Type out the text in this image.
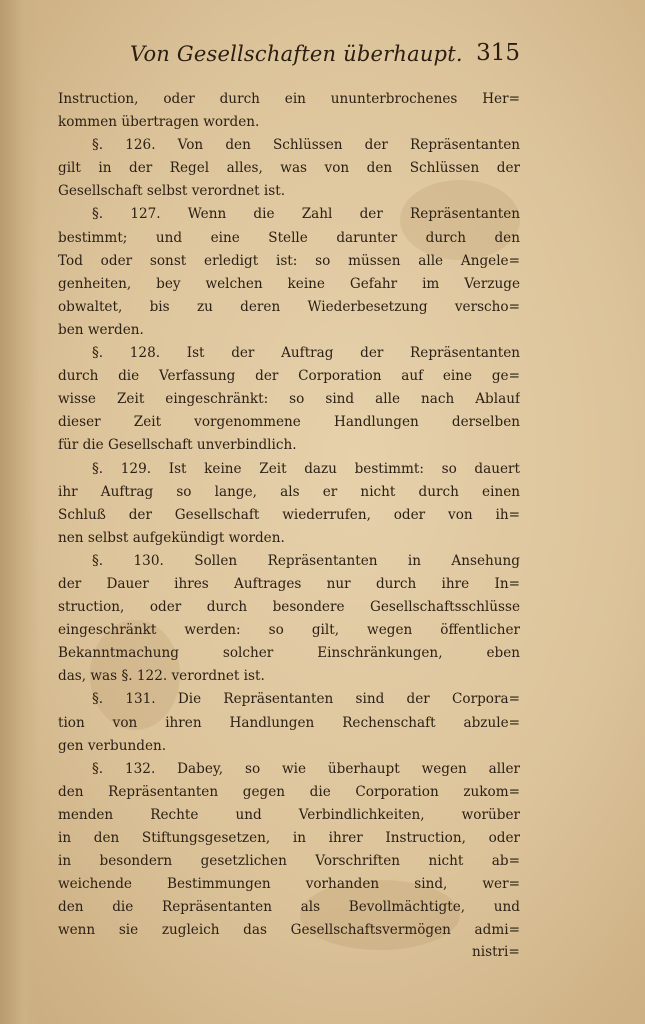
Von Gesellschaften überhaupt. 315
Instruction, oder durch ein ununterbrochenes Her=
kommen übertragen worden.
§. 126. Von den Schlüssen der Repräsentanten
gilt in der Regel alles, was von den Schlüssen der
Gesellschaft selbst verordnet ist.
§. 127. Wenn die Zahl der Repräsentanten
bestimmt; und eine Stelle darunter durch den
Tod oder sonst erledigt ist: so müssen alle Angele=
genheiten, bey welchen keine Gefahr im Verzuge
obwaltet, bis zu deren Wiederbesetzung verscho=
ben werden.
§. 128. Ist der Auftrag der Repräsentanten
durch die Verfassung der Corporation auf eine ge=
wisse Zeit eingeschränkt: so sind alle nach Ablauf
dieser Zeit vorgenommene Handlungen derselben
für die Gesellschaft unverbindlich.
§. 129. Ist keine Zeit dazu bestimmt: so dauert
ihr Auftrag so lange, als er nicht durch einen
Schluß der Gesellschaft wiederrufen, oder von ih=
nen selbst aufgekündigt worden.
§. 130. Sollen Repräsentanten in Ansehung
der Dauer ihres Auftrages nur durch ihre In=
struction, oder durch besondere Gesellschaftsschlüsse
eingeschränkt werden: so gilt, wegen öffentlicher
Bekanntmachung solcher Einschränkungen, eben
das, was §. 122. verordnet ist.
§. 131. Die Repräsentanten sind der Corpora=
tion von ihren Handlungen Rechenschaft abzule=
gen verbunden.
§. 132. Dabey, so wie überhaupt wegen aller
den Repräsentanten gegen die Corporation zukom=
menden Rechte und Verbindlichkeiten, worüber
in den Stiftungsgesetzen, in ihrer Instruction, oder
in besondern gesetzlichen Vorschriften nicht ab=
weichende Bestimmungen vorhanden sind, wer=
den die Repräsentanten als Bevollmächtigte, und
wenn sie zugleich das Gesellschaftsvermögen admi=
nistri=
